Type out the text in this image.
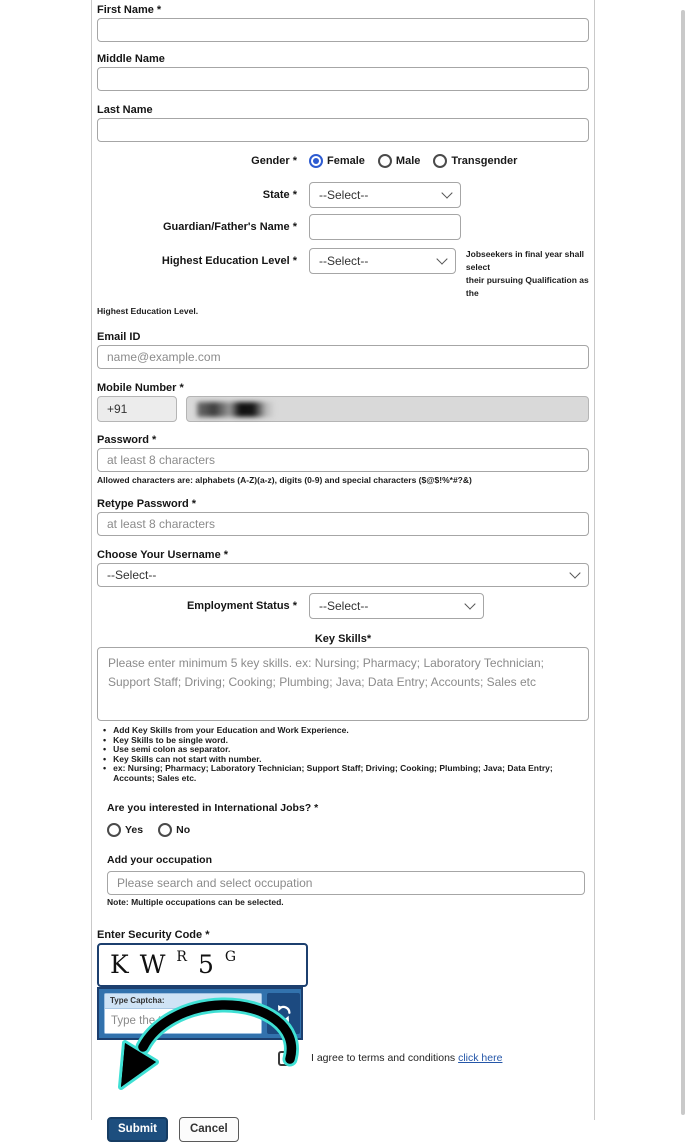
First Name *
Middle Name
Last Name
Gender *	Female	Male	Transgender
State * --Select--
Guardian/Father's Name *
Highest Education Level * --Select--	Jobseekers in final year shall select
their pursuing Qualification as the
Highest Education Level.
Email ID
name@example.com
Mobile Number *
+91
Password *
at least 8 characters
Allowed characters are: alphabets (A-Z)(a-z), digits (0-9) and special characters ($@$!%*#?&)
Retype Password *
at least 8 characters
Choose Your Username *
--Select--
Employment Status * --Select--
Key Skills*
Please enter minimum 5 key skills. ex: Nursing; Pharmacy; Laboratory Technician; Support Staff; Driving; Cooking; Plumbing; Java; Data Entry; Accounts; Sales etc
• Add Key Skills from your Education and Work Experience.
• Key Skills to be single word.
• Use semi colon as separator.
• Key Skills can not start with number.
• ex: Nursing; Pharmacy; Laboratory Technician; Support Staff; Driving; Cooking; Plumbing; Java; Data Entry; Accounts; Sales etc.
Are you interested in International Jobs? *
Yes	No
Add your occupation
Please search and select occupation
Note: Multiple occupations can be selected.
Enter Security Code *
K W R 5 G
Type Captcha:
Type the text
I agree to terms and conditions click here
Submit	Cancel
